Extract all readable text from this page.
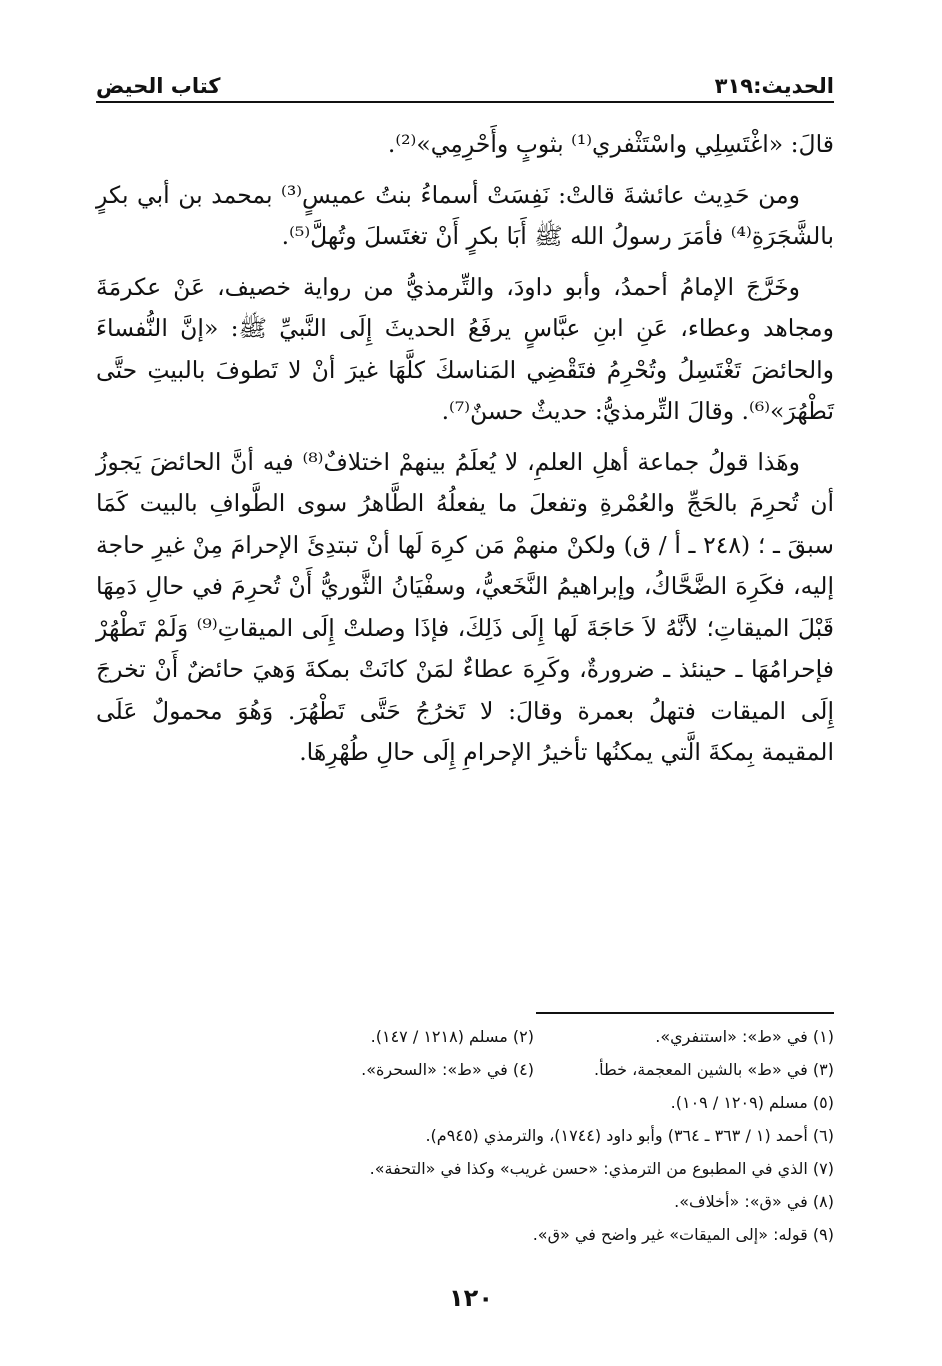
الحديث:٣١٩
كتاب الحيض

قالَ: «اغْتَسِلِي واسْتَثْفري⁽¹⁾ بثوبٍ وأَحْرِمِي»⁽²⁾.

ومن حَدِيث عائشةَ قالتْ: نَفِسَتْ أسماءُ بنتُ عميسٍ⁽³⁾ بمحمد بن أبي بكرٍ بالشَّجَرَةِ⁽⁴⁾ فأمَرَ رسولُ الله ﷺ أَبَا بكرٍ أَنْ تغتَسلَ وتُهلَّ⁽⁵⁾.

وخَرَّجَ الإمامُ أحمدُ، وأبو داودَ، والتِّرمذيُّ من رواية خصيف، عَنْ عكرمَةَ ومجاهد وعطاء، عَنِ ابنِ عبَّاسٍ يرفَعُ الحديثَ إِلَى النَّبيِّ ﷺ: «إنَّ النُّفساءَ والحائضَ تَغْتَسِلُ وتُحْرِمُ فتَقْضِي المَناسكَ كلَّهَا غيرَ أنْ لا تَطوفَ بالبيتِ حتَّى تَطْهُرَ»⁽⁶⁾. وقالَ التِّرمذيُّ: حديثٌ حسنٌ⁽⁷⁾.

وهَذا قولُ جماعة أهلِ العلمِ، لا يُعلَمُ بينهمْ اختلافٌ⁽⁸⁾ فيه أنَّ الحائضَ يَجوزُ أن تُحرِمَ بالحَجِّ والعُمْرةِ وتفعلَ ما يفعلُهُ الطَّاهرُ سوى الطَّوافِ بالبيت كَمَا سبقَ ـ ؛ (٢٤٨ ـ أ / ق) ولكنْ منهمْ مَن كرِهَ لَها أنْ تبتدِئَ الإحرامَ مِنْ غيرِ حاجة إليه، فكَرِهَ الضَّحَّاكُ، وإبراهيمُ النَّخَعيُّ، وسفْيَانُ الثَّوريُّ أَنْ تُحرِمَ في حالِ دَمِهَا قَبْلَ الميقاتِ؛ لأنَّهُ لاَ حَاجَةَ لَها إِلَى ذَلِكَ، فإذَا وصلتْ إِلَى الميقاتِ⁽⁹⁾ وَلَمْ تَطْهُرْ فإحرامُهَا ـ حينئذ ـ ضرورةٌ، وكَرِهَ عطاءٌ لمَنْ كانَتْ بمكةَ وَهيَ حائضٌ أَنْ تخرجَ إِلَى الميقات فتهلُ بعمرة وقالَ: لا تَخرُجُ حَتَّى تَطْهُرَ. وَهُوَ محمولٌ عَلَى المقيمة بِمكةَ الَّتي يمكنُها تأخيرُ الإحرامِ إِلَى حالِ طُهْرِهَا.

(١) في «ط»: «استنفري».
(٢) مسلم (١٢١٨ / ١٤٧).
(٣) في «ط» بالشين المعجمة، خطأ.
(٤) في «ط»: «السحرة».
(٥) مسلم (١٢٠٩ / ١٠٩).
(٦) أحمد (١ / ٣٦٣ ـ ٣٦٤) وأبو داود (١٧٤٤)، والترمذي (٩٤٥م).
(٧) الذي في المطبوع من الترمذي: «حسن غريب» وكذا في «التحفة».
(٨) في «ق»: «أخلاف».
(٩) قوله: «إلى الميقات» غير واضح في «ق».
١٢٠
